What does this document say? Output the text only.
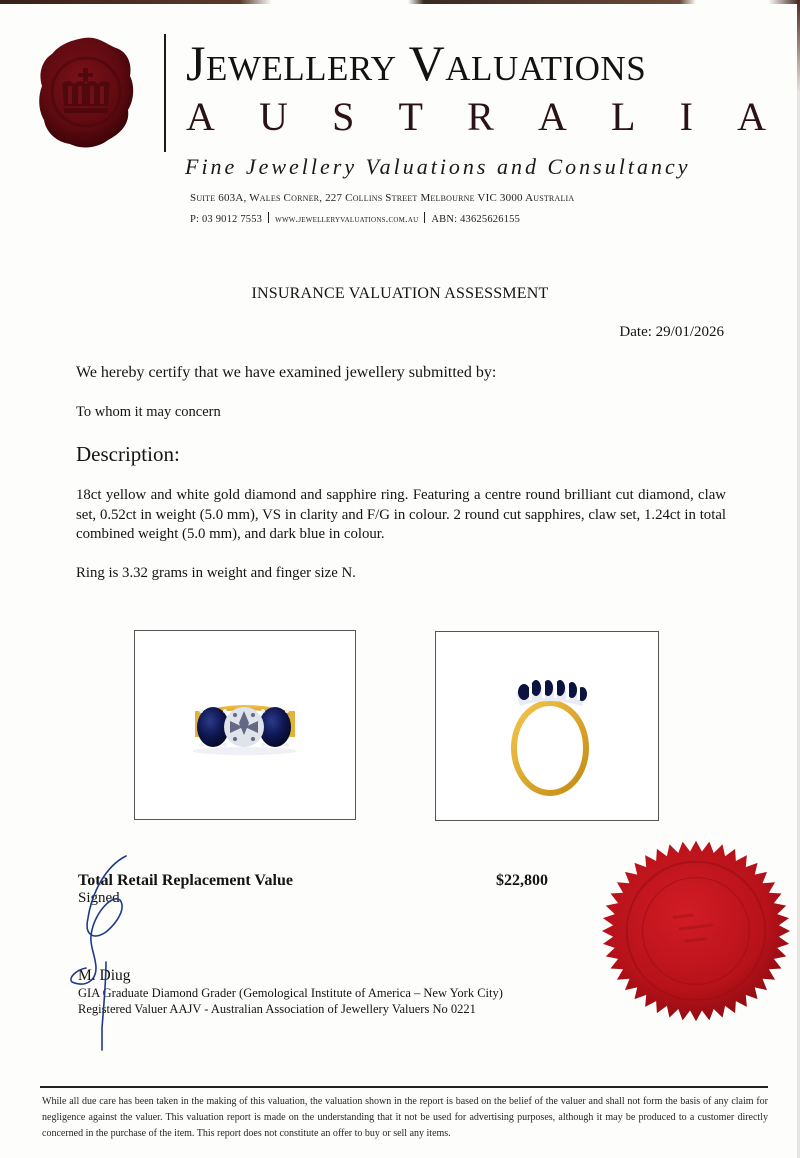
Jewellery Valuations
A U S T R A L I A
Fine Jewellery Valuations and Consultancy
Suite 603A, Wales Corner, 227 Collins Street Melbourne VIC 3000 Australia
P: 03 9012 7553 www.jewelleryvaluations.com.au ABN: 43625626155
INSURANCE VALUATION ASSESSMENT
Date: 29/01/2026
We hereby certify that we have examined jewellery submitted by:
To whom it may concern
Description:
18ct yellow and white gold diamond and sapphire ring. Featuring a centre round brilliant cut diamond, claw set, 0.52ct in weight (5.0 mm), VS in clarity and F/G in colour. 2 round cut sapphires, claw set, 1.24ct in total combined weight (5.0 mm), and dark blue in colour.
Ring is 3.32 grams in weight and finger size N.
Total Retail Replacement Value	$22,800
Signed
M. Diug
GIA Graduate Diamond Grader (Gemological Institute of America – New York City)
Registered Valuer AAJV - Australian Association of Jewellery Valuers No 0221
While all due care has been taken in the making of this valuation, the valuation shown in the report is based on the belief of the valuer and shall not form the basis of any claim for negligence against the valuer. This valuation report is made on the understanding that it not be used for advertising purposes, although it may be produced to a customer directly concerned in the purchase of the item. This report does not constitute an offer to buy or sell any items.
